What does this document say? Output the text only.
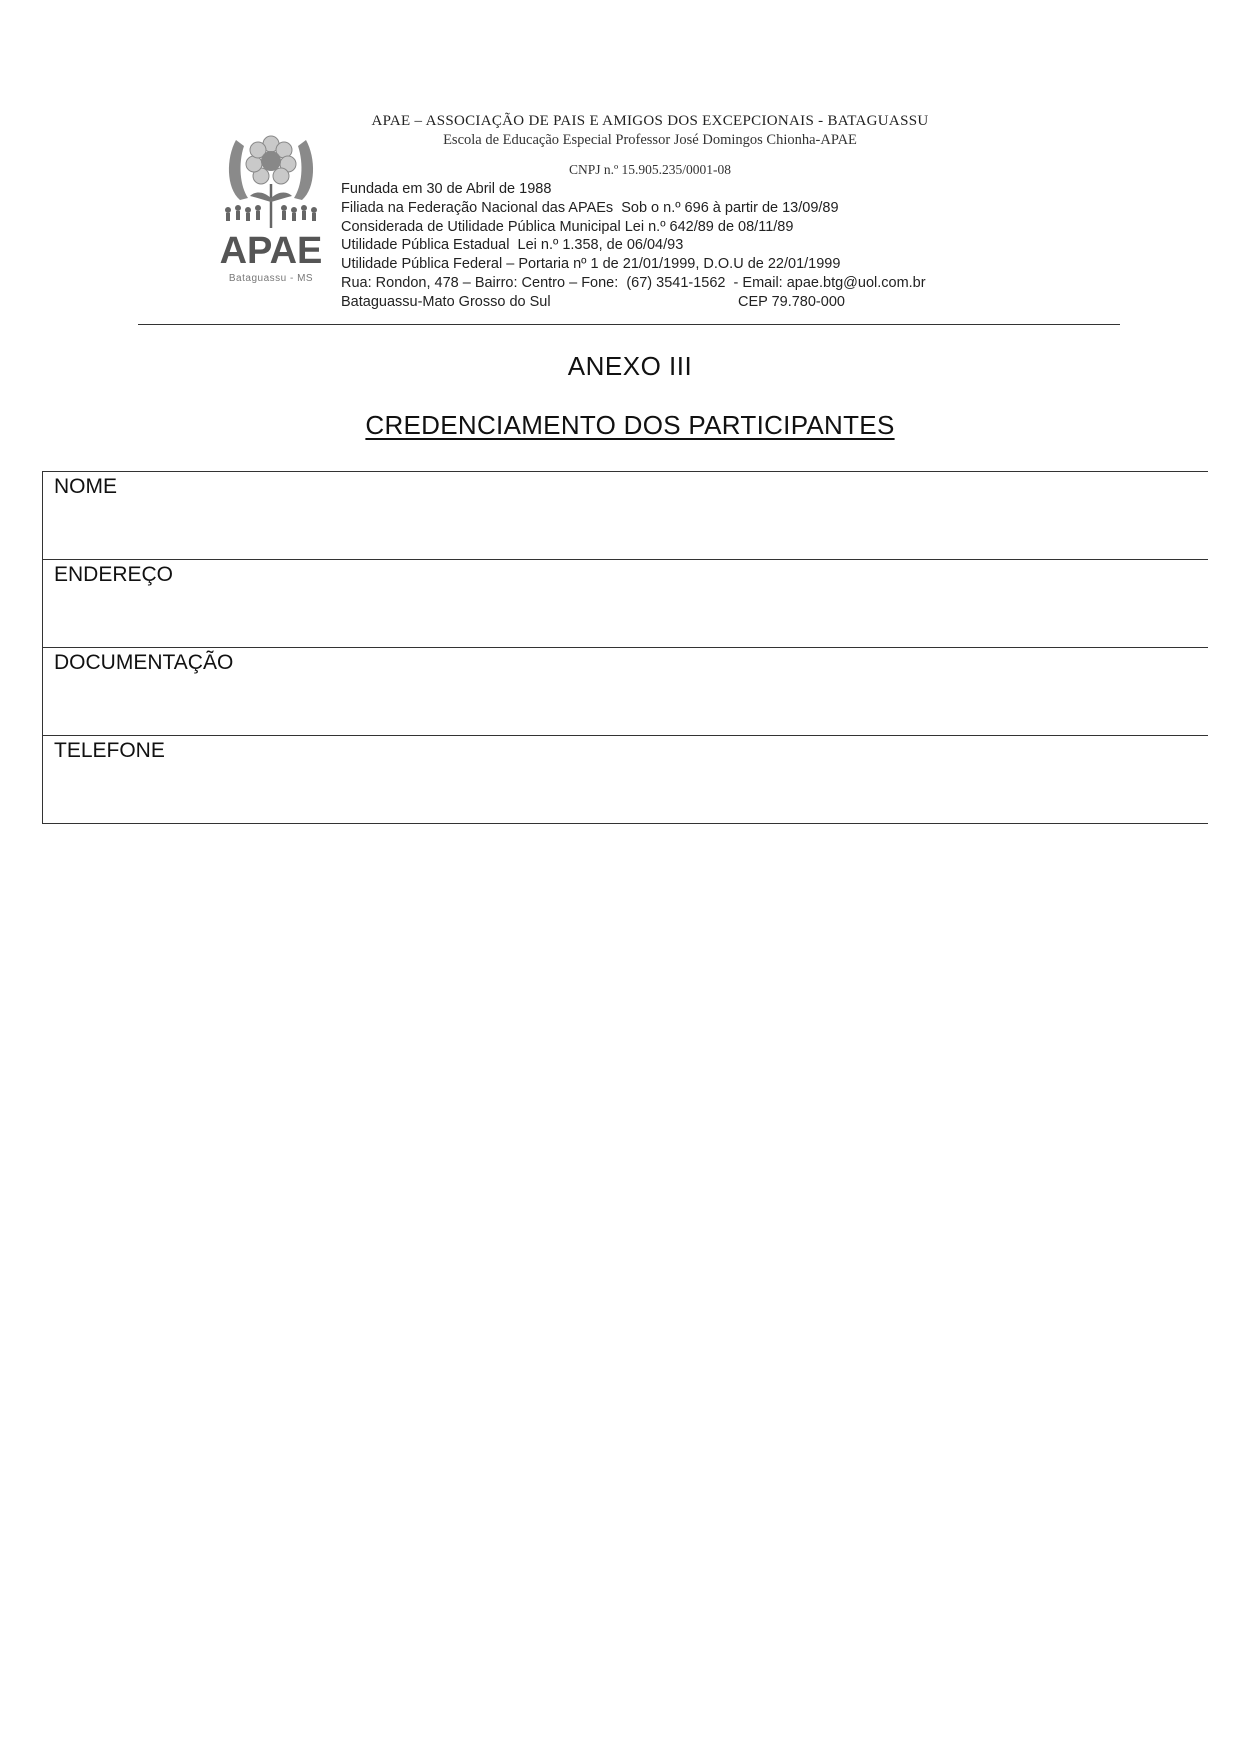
APAE
Bataguassu - MS
APAE – ASSOCIAÇÃO DE PAIS E AMIGOS DOS EXCEPCIONAIS - BATAGUASSU
Escola de Educação Especial Professor José Domingos Chionha-APAE
CNPJ n.º 15.905.235/0001-08
Fundada em 30 de Abril de 1988
Filiada na Federação Nacional das APAEs  Sob o n.º 696 à partir de 13/09/89
Considerada de Utilidade Pública Municipal Lei n.º 642/89 de 08/11/89
Utilidade Pública Estadual  Lei n.º 1.358, de 06/04/93
Utilidade Pública Federal – Portaria nº 1 de 21/01/1999, D.O.U de 22/01/1999
Rua: Rondon, 478 – Bairro: Centro – Fone:  (67) 3541-1562  - Email: apae.btg@uol.com.br
Bataguassu-Mato Grosso do Sul	CEP 79.780-000
ANEXO III
CREDENCIAMENTO DOS PARTICIPANTES
NOME
ENDEREÇO
DOCUMENTAÇÃO
TELEFONE
